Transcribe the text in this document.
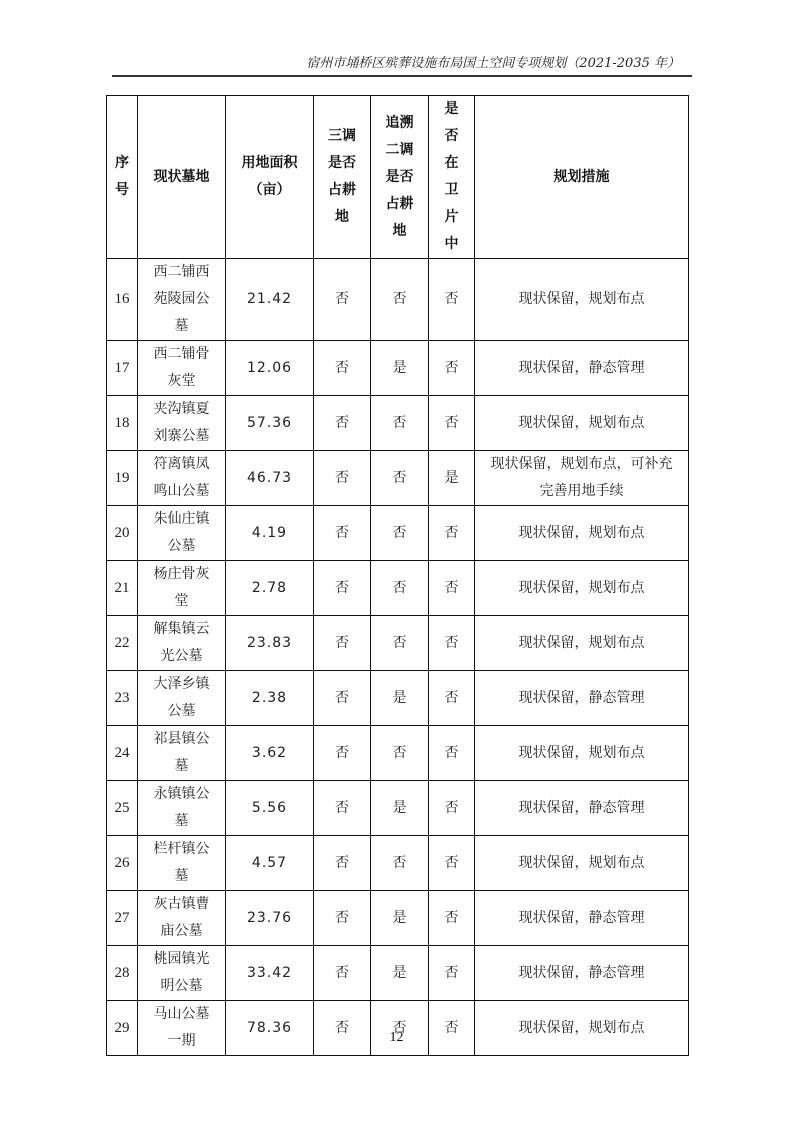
宿州市埇桥区殡葬设施布局国土空间专项规划（2021-2035 年）
序号	现状墓地	用地面积（亩）	三调是否占耕地	追溯二调是否占耕地	是否在卫片中	规划措施
16	西二铺西苑陵园公墓	21.42	否	否	否	现状保留，规划布点
17	西二铺骨灰堂	12.06	否	是	否	现状保留，静态管理
18	夹沟镇夏刘寨公墓	57.36	否	否	否	现状保留，规划布点
19	符离镇凤鸣山公墓	46.73	否	否	是	现状保留，规划布点，可补充完善用地手续
20	朱仙庄镇公墓	4.19	否	否	否	现状保留，规划布点
21	杨庄骨灰堂	2.78	否	否	否	现状保留，规划布点
22	解集镇云光公墓	23.83	否	否	否	现状保留，规划布点
23	大泽乡镇公墓	2.38	否	是	否	现状保留，静态管理
24	祁县镇公墓	3.62	否	否	否	现状保留，规划布点
25	永镇镇公墓	5.56	否	是	否	现状保留，静态管理
26	栏杆镇公墓	4.57	否	否	否	现状保留，规划布点
27	灰古镇曹庙公墓	23.76	否	是	否	现状保留，静态管理
28	桃园镇光明公墓	33.42	否	是	否	现状保留，静态管理
29	马山公墓一期	78.36	否	否	否	现状保留，规划布点
12
